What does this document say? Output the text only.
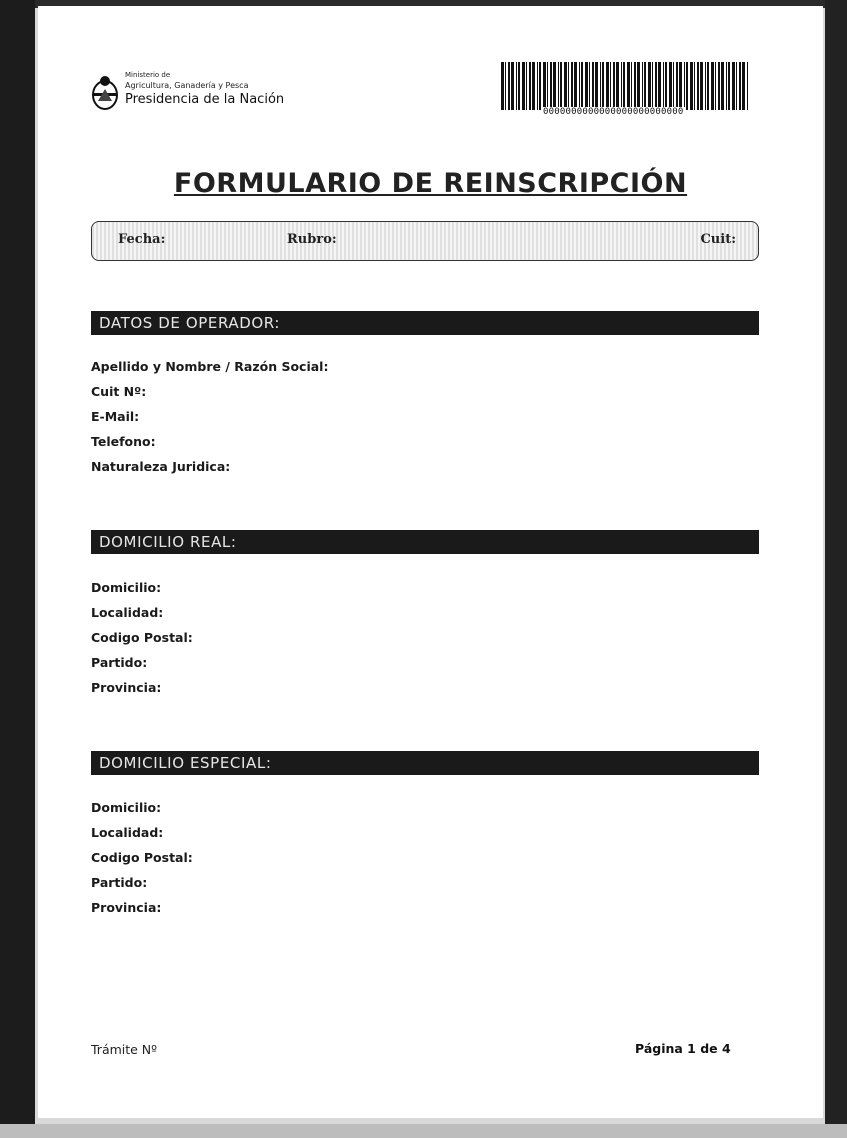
Ministerio de
Agricultura, Ganadería y Pesca
Presidencia de la Nación
0000000000000000000000000
FORMULARIO DE REINSCRIPCIÓN
Fecha:	Rubro:	Cuit:
DATOS DE OPERADOR:
Apellido y Nombre / Razón Social:
Cuit Nº:
E-Mail:
Telefono:
Naturaleza Juridica:
DOMICILIO REAL:
Domicilio:
Localidad:
Codigo Postal:
Partido:
Provincia:
DOMICILIO ESPECIAL:
Domicilio:
Localidad:
Codigo Postal:
Partido:
Provincia:
Trámite Nº	Página 1 de 4
